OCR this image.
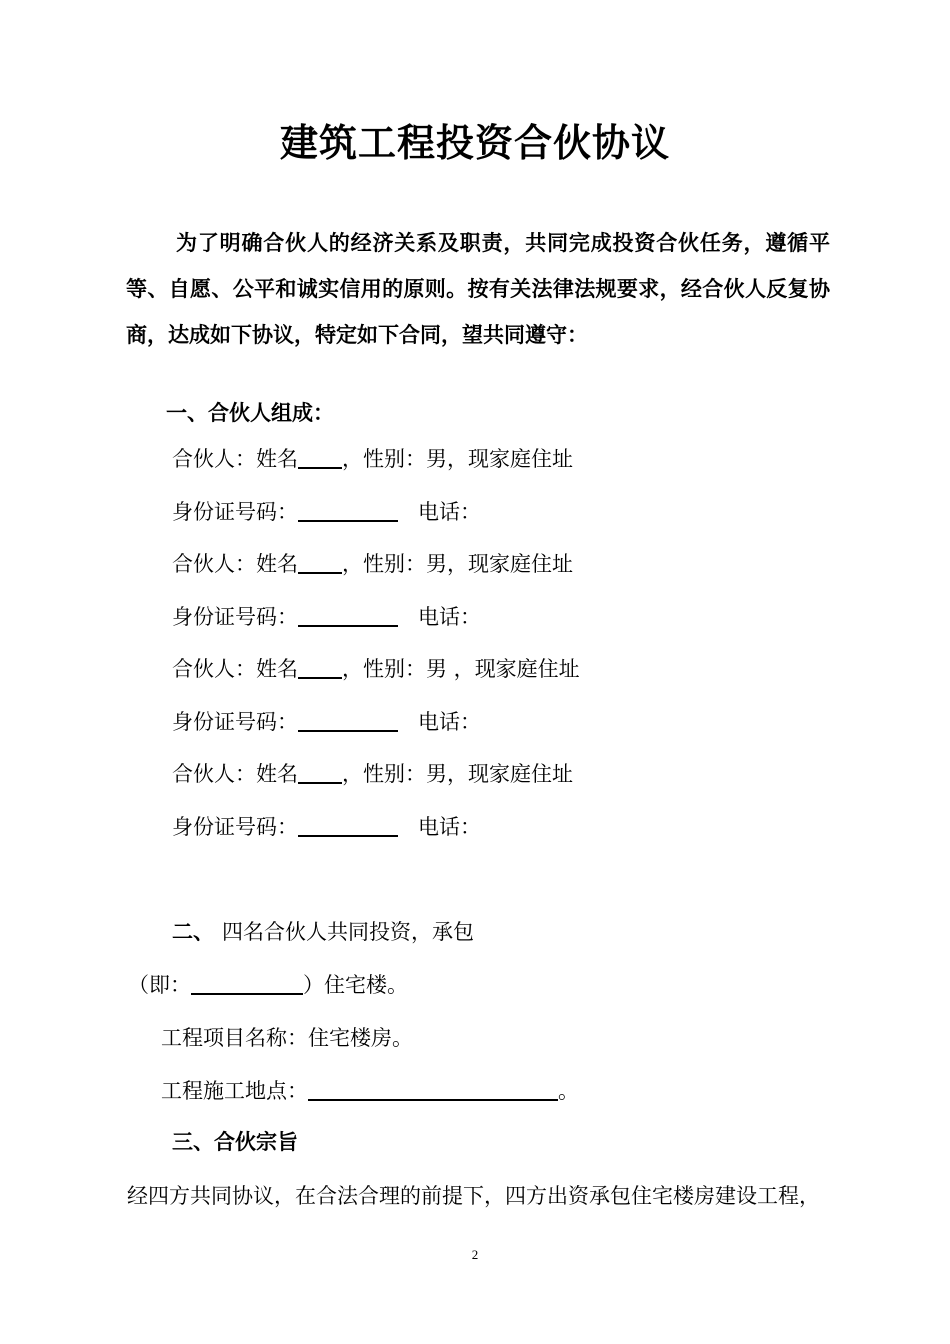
建筑工程投资合伙协议
为了明确合伙人的经济关系及职责，共同完成投资合伙任务，遵循平等、自愿、公平和诚实信用的原则。按有关法律法规要求，经合伙人反复协商，达成如下协议，特定如下合同，望共同遵守：
一、合伙人组成：
合伙人：姓名 ，性别：男，现家庭住址
身份证号码：	电话：
合伙人：姓名 ，性别：男，现家庭住址
身份证号码：	电话：
合伙人：姓名 ，性别：男 ，现家庭住址
身份证号码：	电话：
合伙人：姓名 ，性别：男，现家庭住址
身份证号码：	电话：
二、 四名合伙人共同投资，承包
（即：	）住宅楼。
工程项目名称：住宅楼房。
工程施工地点：	。
三、合伙宗旨
经四方共同协议，在合法合理的前提下，四方出资承包住宅楼房建设工程，
2
